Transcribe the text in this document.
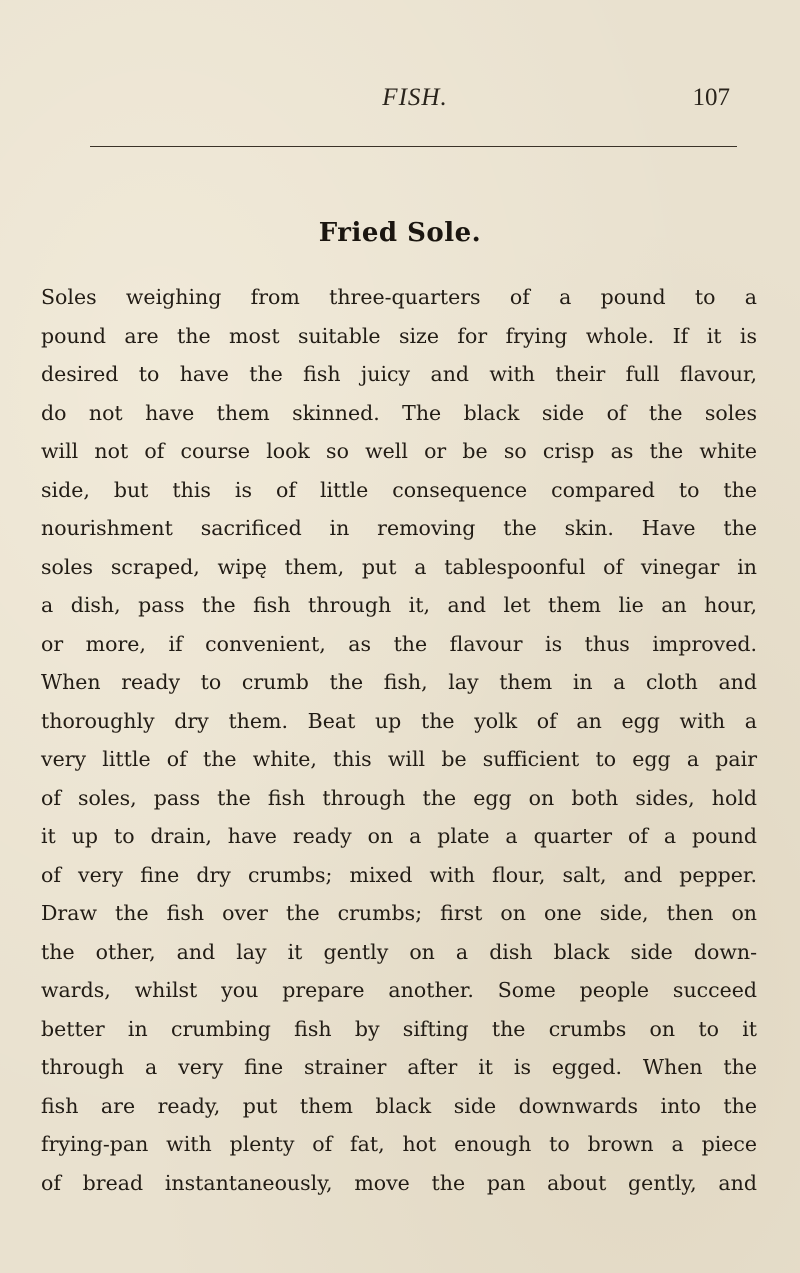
FISH.	107
Fried Sole.
Soles weighing from three-quarters of a pound to a
pound are the most suitable size for frying whole. If it is
desired to have the fish juicy and with their full flavour,
do not have them skinned. The black side of the soles
will not of course look so well or be so crisp as the white
side, but this is of little consequence compared to the
nourishment sacrificed in removing the skin. Have the
soles scraped, wipę them, put a tablespoonful of vinegar in
a dish, pass the fish through it, and let them lie an hour,
or more, if convenient, as the flavour is thus improved.
When ready to crumb the fish, lay them in a cloth and
thoroughly dry them. Beat up the yolk of an egg with a
very little of the white, this will be sufficient to egg a pair
of soles, pass the fish through the egg on both sides, hold
it up to drain, have ready on a plate a quarter of a pound
of very fine dry crumbs; mixed with flour, salt, and pepper.
Draw the fish over the crumbs; first on one side, then on
the other, and lay it gently on a dish black side down-
wards, whilst you prepare another. Some people succeed
better in crumbing fish by sifting the crumbs on to it
through a very fine strainer after it is egged. When the
fish are ready, put them black side downwards into the
frying-pan with plenty of fat, hot enough to brown a piece
of bread instantaneously, move the pan about gently, and
